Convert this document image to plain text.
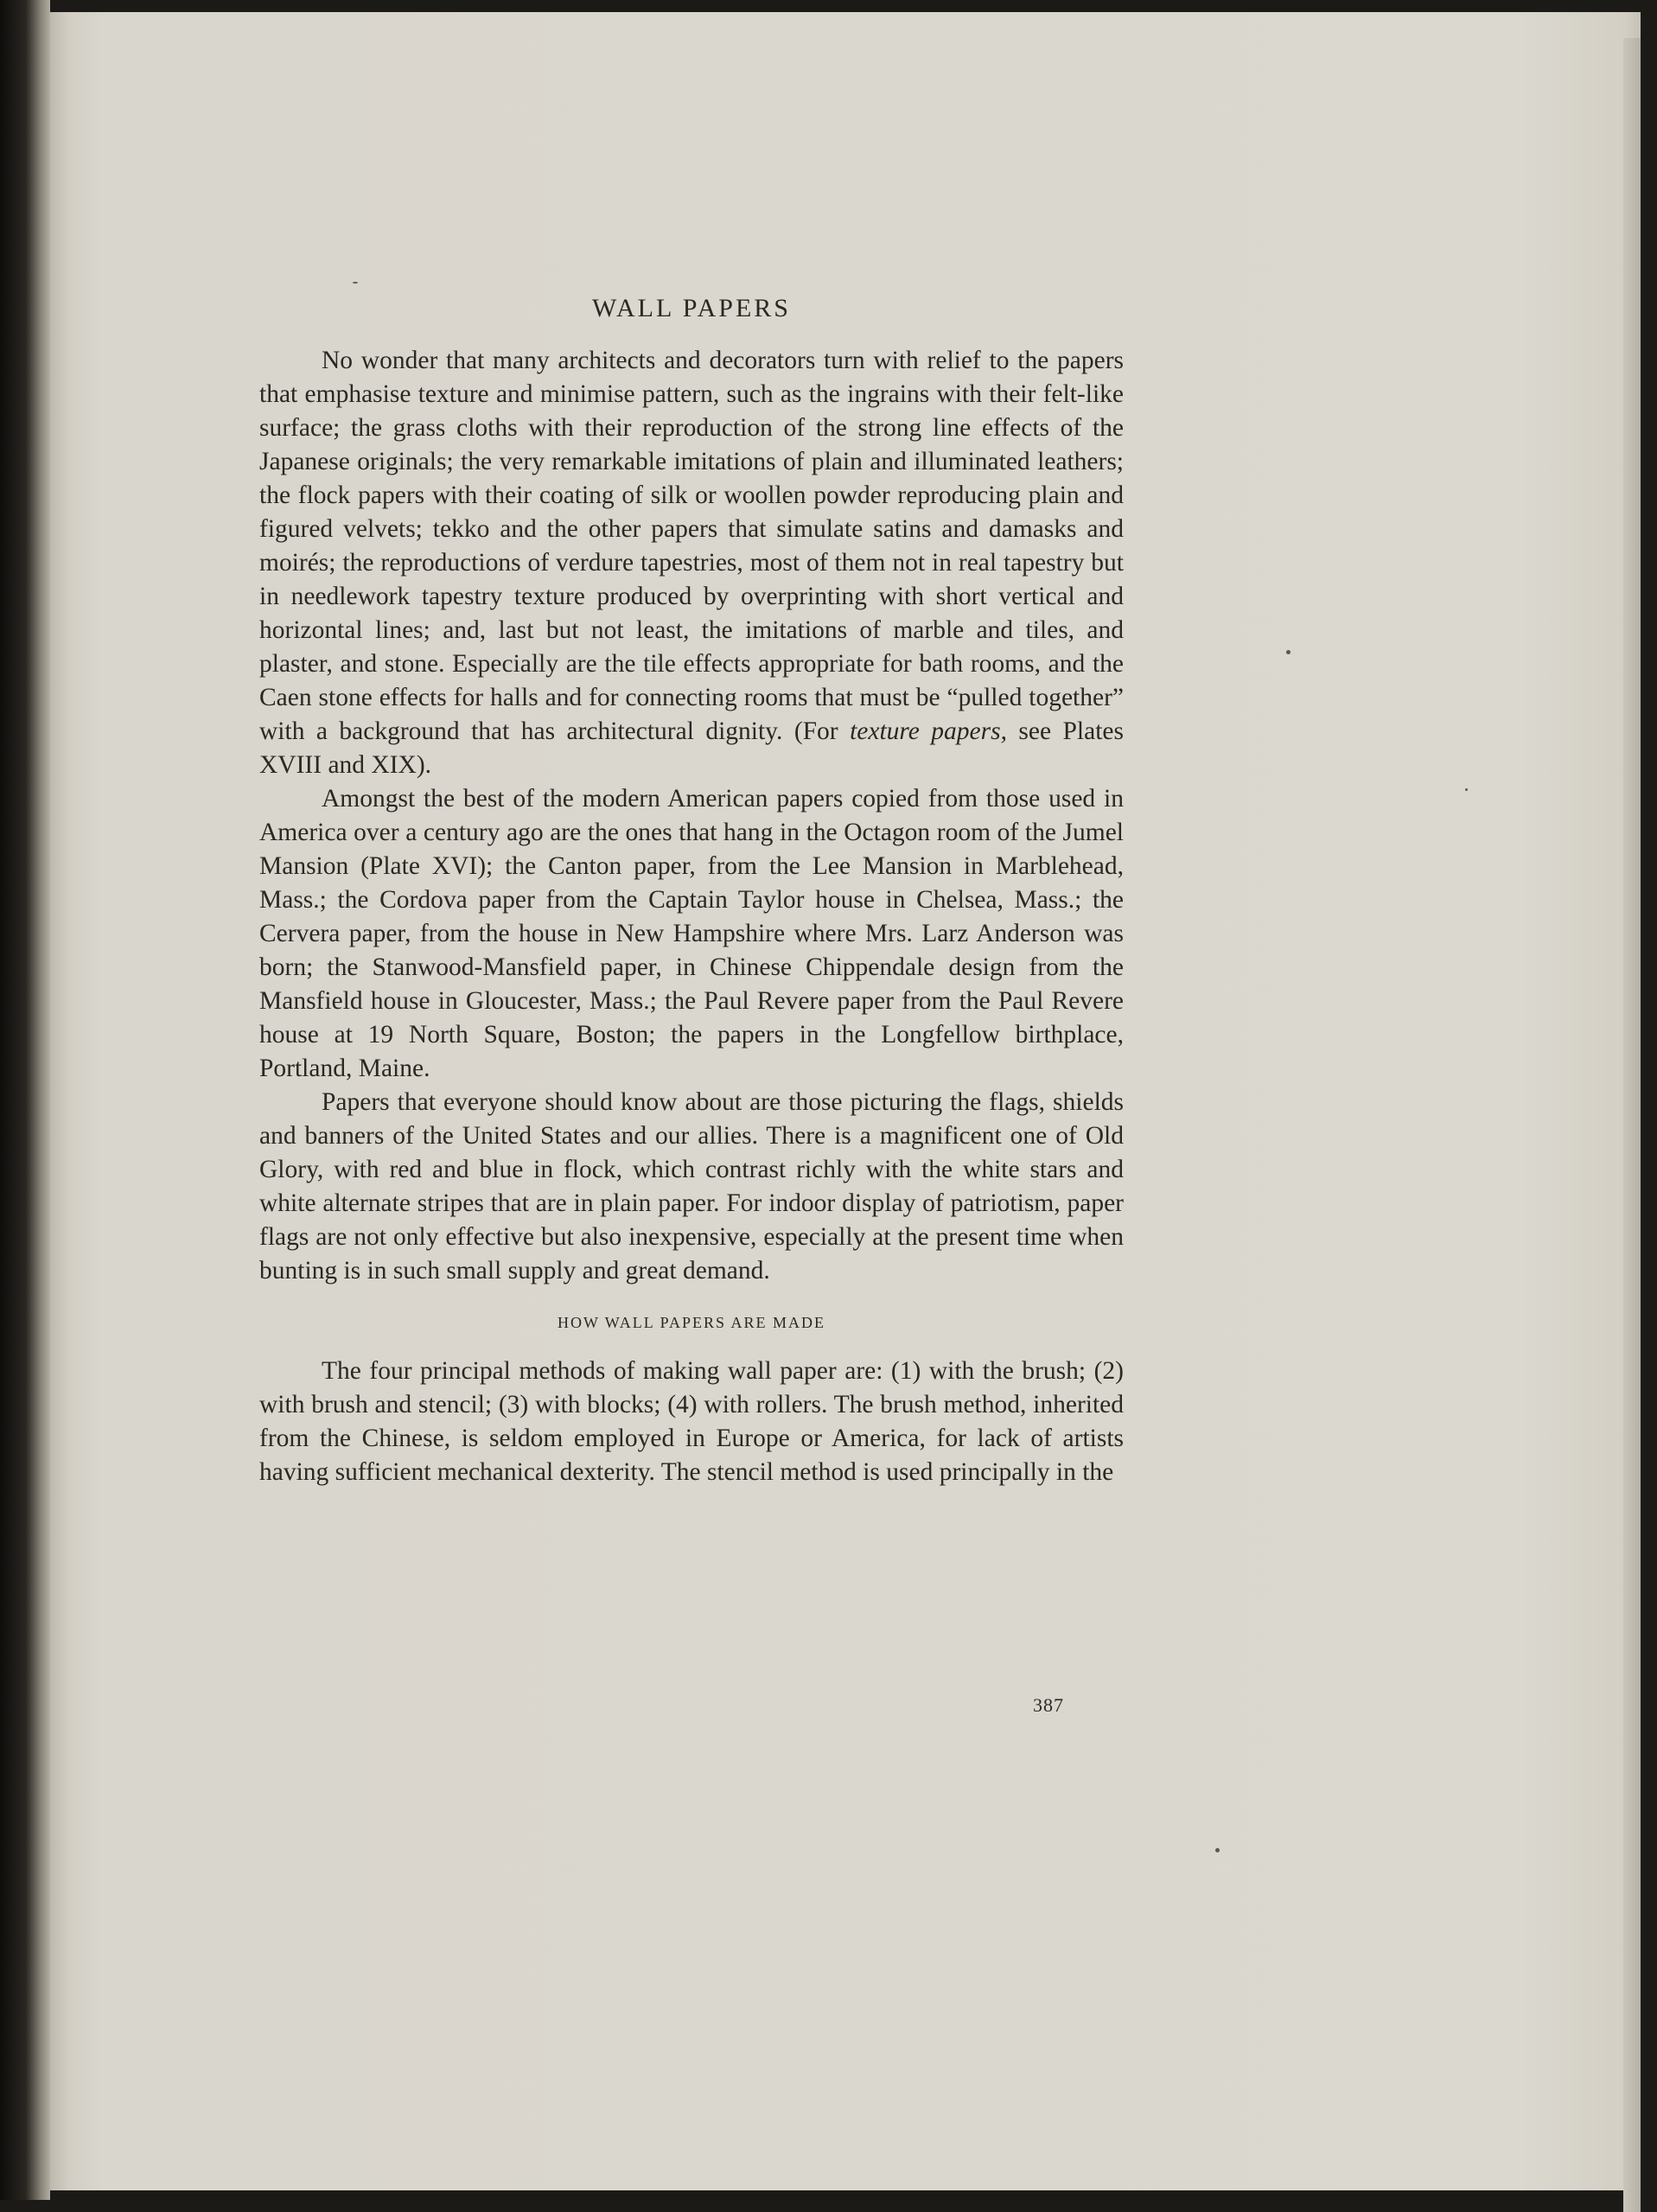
WALL PAPERS

No wonder that many architects and decorators turn with relief to the papers that emphasise texture and minimise pattern, such as the ingrains with their felt-like surface; the grass cloths with their reproduction of the strong line effects of the Japanese originals; the very remarkable imitations of plain and illuminated leathers; the flock papers with their coating of silk or woollen powder reproducing plain and figured velvets; tekko and the other papers that simulate satins and damasks and moirés; the reproductions of verdure tapestries, most of them not in real tapestry but in needlework tapestry texture produced by overprinting with short vertical and horizontal lines; and, last but not least, the imitations of marble and tiles, and plaster, and stone. Especially are the tile effects appropriate for bath rooms, and the Caen stone effects for halls and for connecting rooms that must be “pulled together” with a background that has architectural dignity. (For texture papers, see Plates XVIII and XIX).

Amongst the best of the modern American papers copied from those used in America over a century ago are the ones that hang in the Octagon room of the Jumel Mansion (Plate XVI); the Canton paper, from the Lee Mansion in Marblehead, Mass.; the Cordova paper from the Captain Taylor house in Chelsea, Mass.; the Cervera paper, from the house in New Hampshire where Mrs. Larz Anderson was born; the Stanwood-Mansfield paper, in Chinese Chippendale design from the Mansfield house in Gloucester, Mass.; the Paul Revere paper from the Paul Revere house at 19 North Square, Boston; the papers in the Longfellow birthplace, Portland, Maine.

Papers that everyone should know about are those picturing the flags, shields and banners of the United States and our allies. There is a magnificent one of Old Glory, with red and blue in flock, which contrast richly with the white stars and white alternate stripes that are in plain paper. For indoor display of patriotism, paper flags are not only effective but also inexpensive, especially at the present time when bunting is in such small supply and great demand.

HOW WALL PAPERS ARE MADE

The four principal methods of making wall paper are: (1) with the brush; (2) with brush and stencil; (3) with blocks; (4) with rollers. The brush method, inherited from the Chinese, is seldom employed in Europe or America, for lack of artists having sufficient mechanical dexterity. The stencil method is used principally in the

387
